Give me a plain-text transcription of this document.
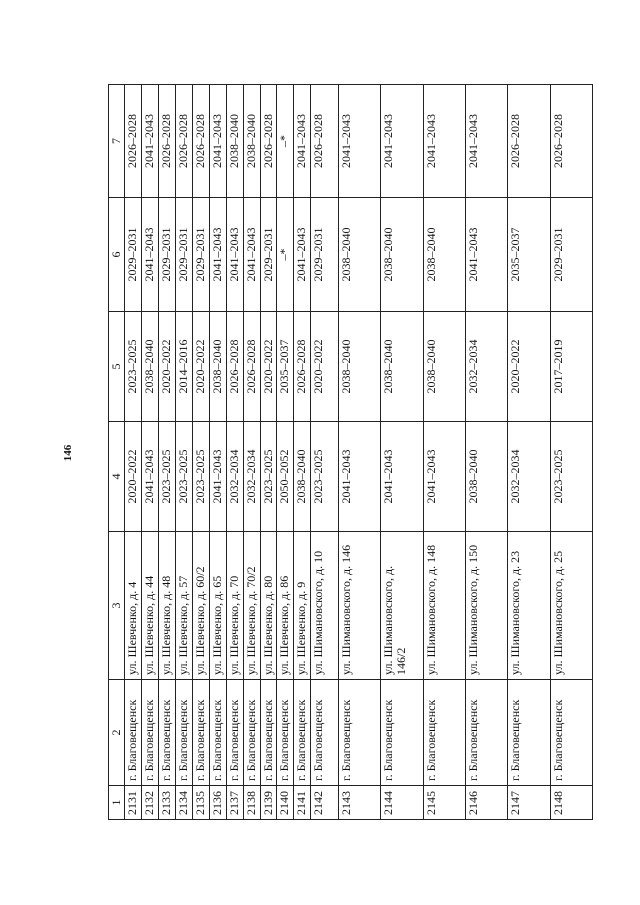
146
1	2	3	4	5	6	7
2131	г. Благовещенск	ул. Шевченко, д. 4	2020–2022	2023–2025	2029–2031	2026–2028
2132	г. Благовещенск	ул. Шевченко, д. 44	2041–2043	2038–2040	2041–2043	2041–2043
2133	г. Благовещенск	ул. Шевченко, д. 48	2023–2025	2020–2022	2029–2031	2026–2028
2134	г. Благовещенск	ул. Шевченко, д. 57	2023–2025	2014–2016	2029–2031	2026–2028
2135	г. Благовещенск	ул. Шевченко, д. 60/2	2023–2025	2020–2022	2029–2031	2026–2028
2136	г. Благовещенск	ул. Шевченко, д. 65	2041–2043	2038–2040	2041–2043	2041–2043
2137	г. Благовещенск	ул. Шевченко, д. 70	2032–2034	2026–2028	2041–2043	2038–2040
2138	г. Благовещенск	ул. Шевченко, д. 70/2	2032–2034	2026–2028	2041–2043	2038–2040
2139	г. Благовещенск	ул. Шевченко, д. 80	2023–2025	2020–2022	2029–2031	2026–2028
2140	г. Благовещенск	ул. Шевченко, д. 86	2050–2052	2035–2037	–*	–*
2141	г. Благовещенск	ул. Шевченко, д. 9	2038–2040	2026–2028	2041–2043	2041–2043
2142	г. Благовещенск	ул. Шимановского, д. 10	2023–2025	2020–2022	2029–2031	2026–2028
2143	г. Благовещенск	ул. Шимановского, д. 146	2041–2043	2038–2040	2038–2040	2041–2043
2144	г. Благовещенск	ул. Шимановского, д. 146/2	2041–2043	2038–2040	2038–2040	2041–2043
2145	г. Благовещенск	ул. Шимановского, д. 148	2041–2043	2038–2040	2038–2040	2041–2043
2146	г. Благовещенск	ул. Шимановского, д. 150	2038–2040	2032–2034	2041–2043	2041–2043
2147	г. Благовещенск	ул. Шимановского, д. 23	2032–2034	2020–2022	2035–2037	2026–2028
2148	г. Благовещенск	ул. Шимановского, д. 25	2023–2025	2017–2019	2029–2031	2026–2028
